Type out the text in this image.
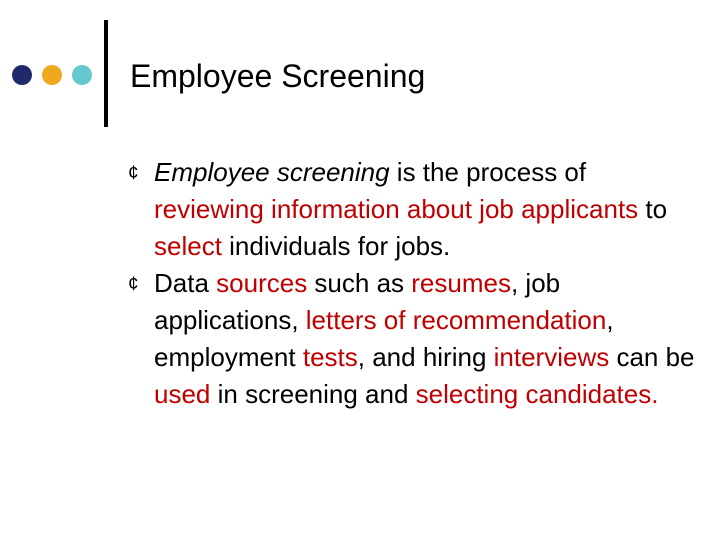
Employee Screening
¢ Employee screening is the process of reviewing information about job applicants to select individuals for jobs.
¢ Data sources such as resumes, job applications, letters of recommendation, employment tests, and hiring interviews can be used in screening and selecting candidates.
